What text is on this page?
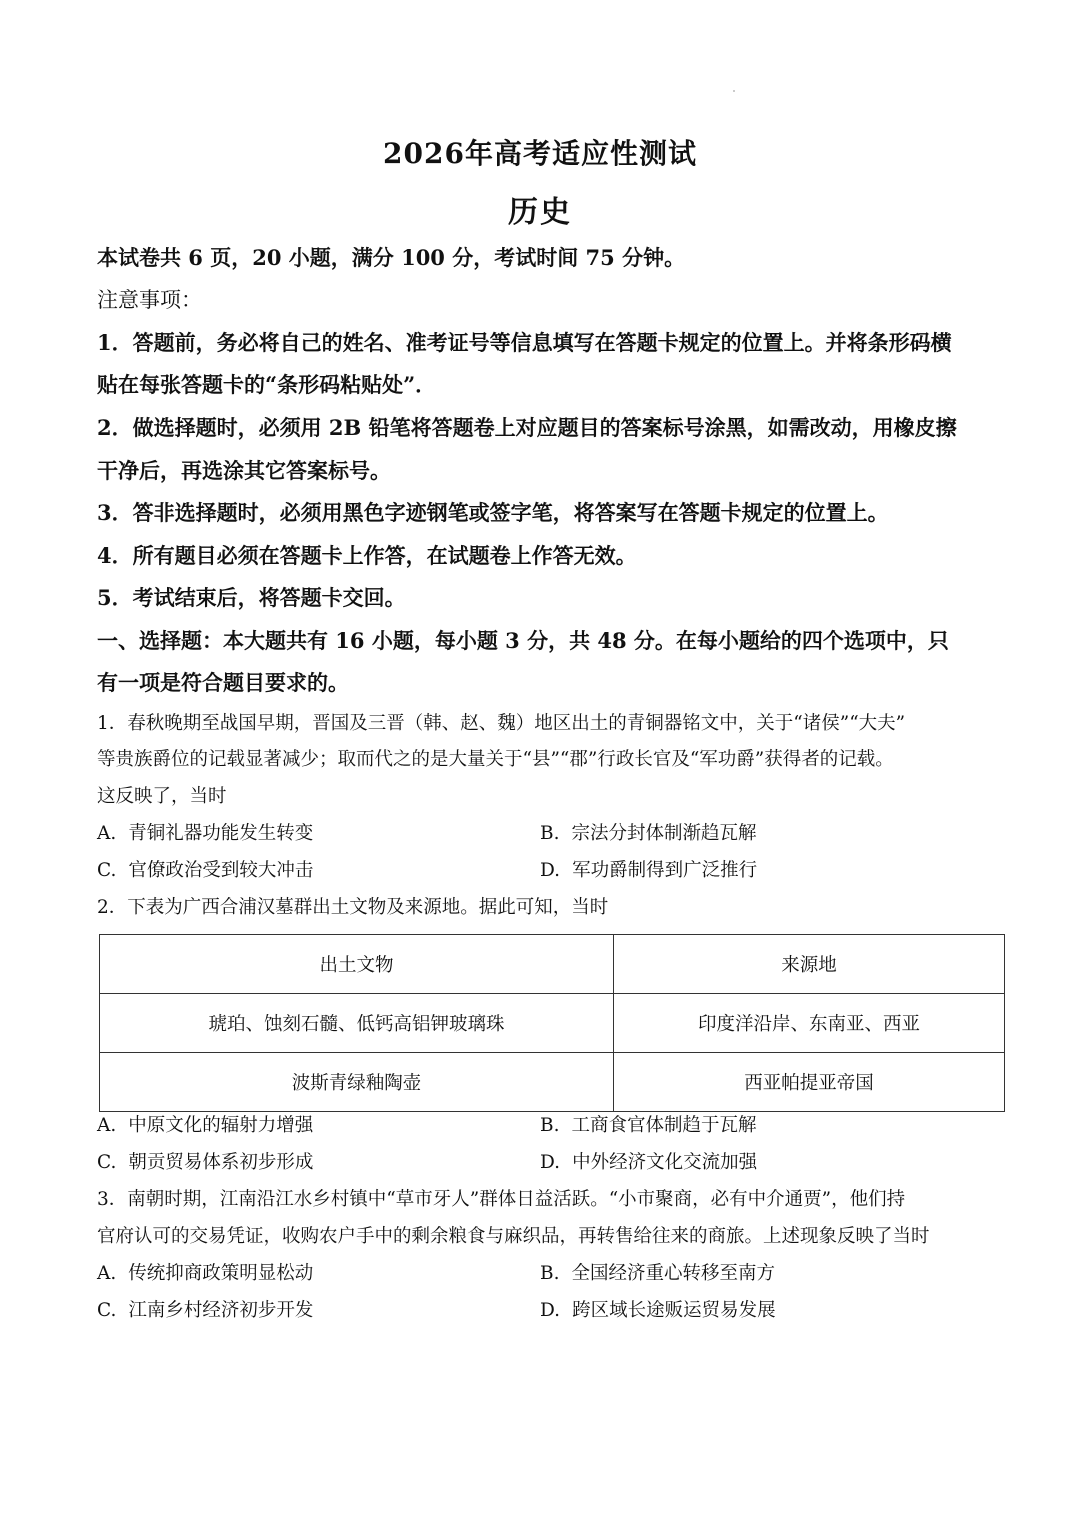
2026年高考适应性测试
历史
本试卷共 6 页，20 小题，满分 100 分，考试时间 75 分钟。
注意事项：
1．答题前，务必将自己的姓名、准考证号等信息填写在答题卡规定的位置上。并将条形码横
贴在每张答题卡的“条形码粘贴处”．
2．做选择题时，必须用 2B 铅笔将答题卷上对应题目的答案标号涂黑，如需改动，用橡皮擦
干净后，再选涂其它答案标号。
3．答非选择题时，必须用黑色字迹钢笔或签字笔，将答案写在答题卡规定的位置上。
4．所有题目必须在答题卡上作答，在试题卷上作答无效。
5．考试结束后，将答题卡交回。
一、选择题：本大题共有 16 小题，每小题 3 分，共 48 分。在每小题给的四个选项中，只
有一项是符合题目要求的。
1．春秋晚期至战国早期，晋国及三晋（韩、赵、魏）地区出土的青铜器铭文中，关于“诸侯”“大夫”
等贵族爵位的记载显著减少；取而代之的是大量关于“县”“郡”行政长官及“军功爵”获得者的记载。
这反映了，当时
A. 青铜礼器功能发生转变	B. 宗法分封体制渐趋瓦解
C. 官僚政治受到较大冲击	D. 军功爵制得到广泛推行
2．下表为广西合浦汉墓群出土文物及来源地。据此可知，当时
出土文物	来源地
琥珀、蚀刻石髓、低钙高铝钾玻璃珠	印度洋沿岸、东南亚、西亚
波斯青绿釉陶壶	西亚帕提亚帝国
A. 中原文化的辐射力增强	B. 工商食官体制趋于瓦解
C. 朝贡贸易体系初步形成	D. 中外经济文化交流加强
3．南朝时期，江南沿江水乡村镇中“草市牙人”群体日益活跃。“小市聚商，必有中介通贾”，他们持
官府认可的交易凭证，收购农户手中的剩余粮食与麻织品，再转售给往来的商旅。上述现象反映了当时
A. 传统抑商政策明显松动	B. 全国经济重心转移至南方
C. 江南乡村经济初步开发	D. 跨区域长途贩运贸易发展
